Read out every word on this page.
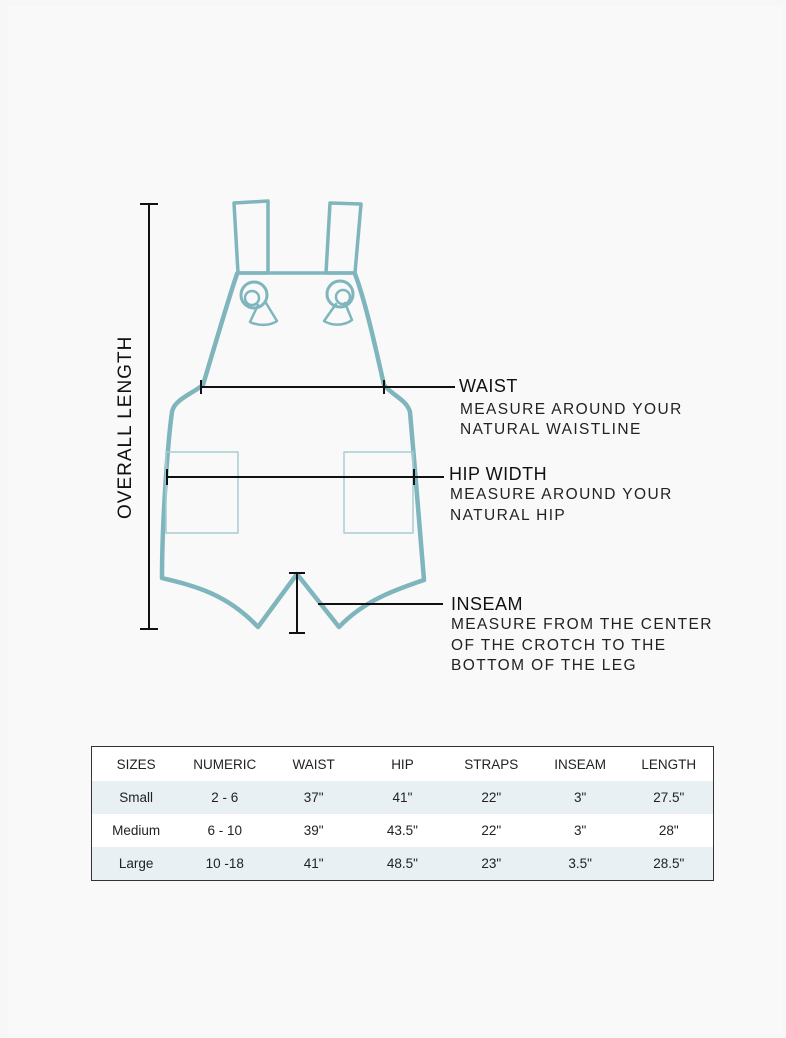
OVERALL LENGTH	WAIST
MEASURE AROUND YOUR
NATURAL WAISTLINE
HIP WIDTH
MEASURE AROUND YOUR
NATURAL HIP
INSEAM
MEASURE FROM THE CENTER
OF THE CROTCH TO THE
BOTTOM OF THE LEG
SIZES	NUMERIC	WAIST	HIP	STRAPS	INSEAM	LENGTH
Small	2 - 6	37"	41"	22"	3"	27.5"
Medium	6 - 10	39"	43.5"	22"	3"	28"
Large	10 -18	41"	48.5"	23"	3.5"	28.5"
